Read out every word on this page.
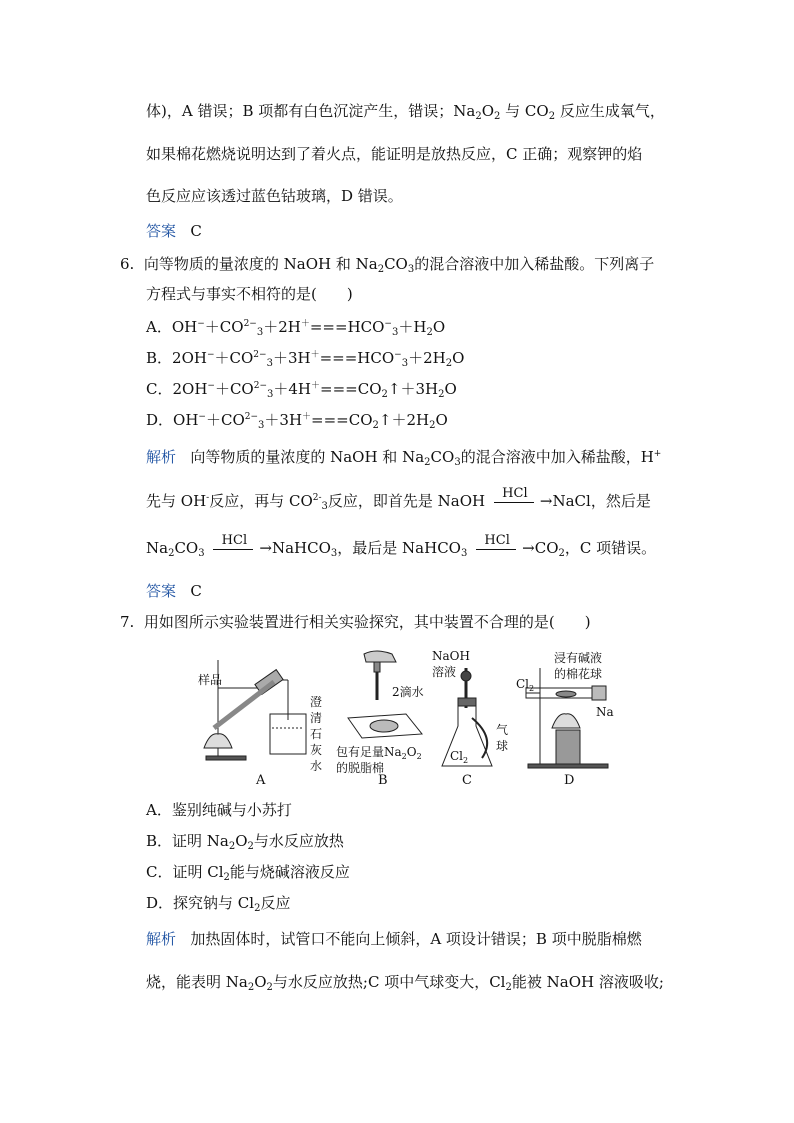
体)，A 错误；B 项都有白色沉淀产生，错误；$Na_2O_2$ 与 $CO_2$ 反应生成氧气，
如果棉花燃烧说明达到了着火点，能证明是放热反应，C 正确；观察钾的焰
色反应应该透过蓝色钴玻璃，D 错误。
答案 C
6. 向等物质的量浓度的 NaOH 和 $Na_2CO_3$的混合溶液中加入稀盐酸。下列离子
方程式与事实不相符的是(　　)
A．$OH^-+CO^{2-}_3+2H^+===HCO^-_3+H_2O$
B．$2OH^-+CO^{2-}_3+3H^+===HCO^-_3+2H_2O$
C．$2OH^-+CO^{2-}_3+4H^+===CO_2↑+3H_2O$
D．$OH^-+CO^{2-}_3+3H^+===CO_2↑+2H_2O$
解析 向等物质的量浓度的 NaOH 和 $Na_2CO_3$的混合溶液中加入稀盐酸，H+
先与 OH-反应，再与 $CO^{2-}_3$反应，即首先是 NaOH	HCl →NaCl，然后是
$Na_2CO_3$
HCl →NaHCO$_3$，最后是 NaHCO$_3$
HCl $\to CO_2$，C 项错误。
答案 C
7. 用如图所示实验装置进行相关实验探究，其中装置不合理的是(　　)
样品
澄
清
石
灰
水
A
2滴水
包有足量$Na_2O_2$
的脱脂棉
B
NaOH
溶液
气
球
$Cl_2$
C
$Cl_2$
浸有碱液
的棉花球
Na
D
A．鉴别纯碱与小苏打
B．证明 $Na_2O_2$与水反应放热
C．证明 $Cl_2$能与烧碱溶液反应
D．探究钠与 $Cl_2$反应
解析 加热固体时，试管口不能向上倾斜，A 项设计错误；B 项中脱脂棉燃
烧，能表明 $Na_2O_2$与水反应放热;C 项中气球变大，$Cl_2$能被 NaOH 溶液吸收;
